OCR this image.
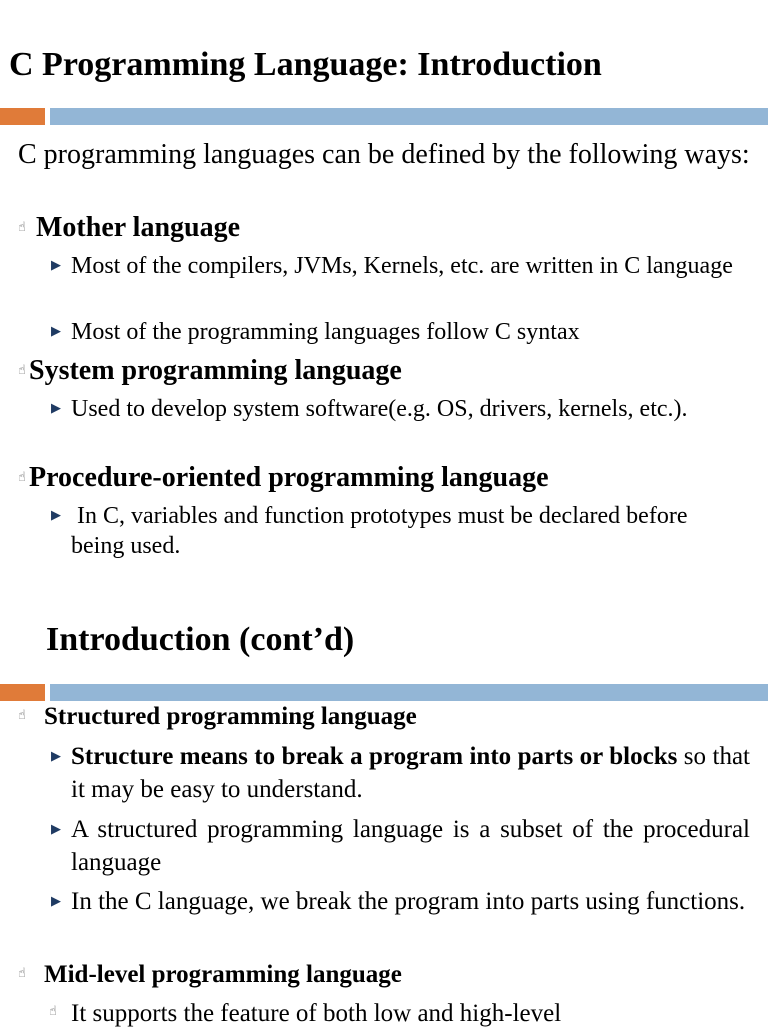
C Programming Language: Introduction
C programming languages can be defined by the following ways:
☝ Mother language
▶ Most of the compilers, JVMs, Kernels, etc. are written in C language
▶ Most of the programming languages follow C syntax
☝ System programming language
▶ Used to develop system software(e.g. OS, drivers, kernels, etc.).
☝ Procedure-oriented programming language
▶ In C, variables and function prototypes must be declared before being used.
Introduction (cont’d)
☝ Structured programming language
▶ Structure means to break a program into parts or blocks so that it may be easy to understand.
▶ A structured programming language is a subset of the procedural language
▶ In the C language, we break the program into parts using functions.
☝ Mid-level programming language
☝ It supports the feature of both low and high-level
